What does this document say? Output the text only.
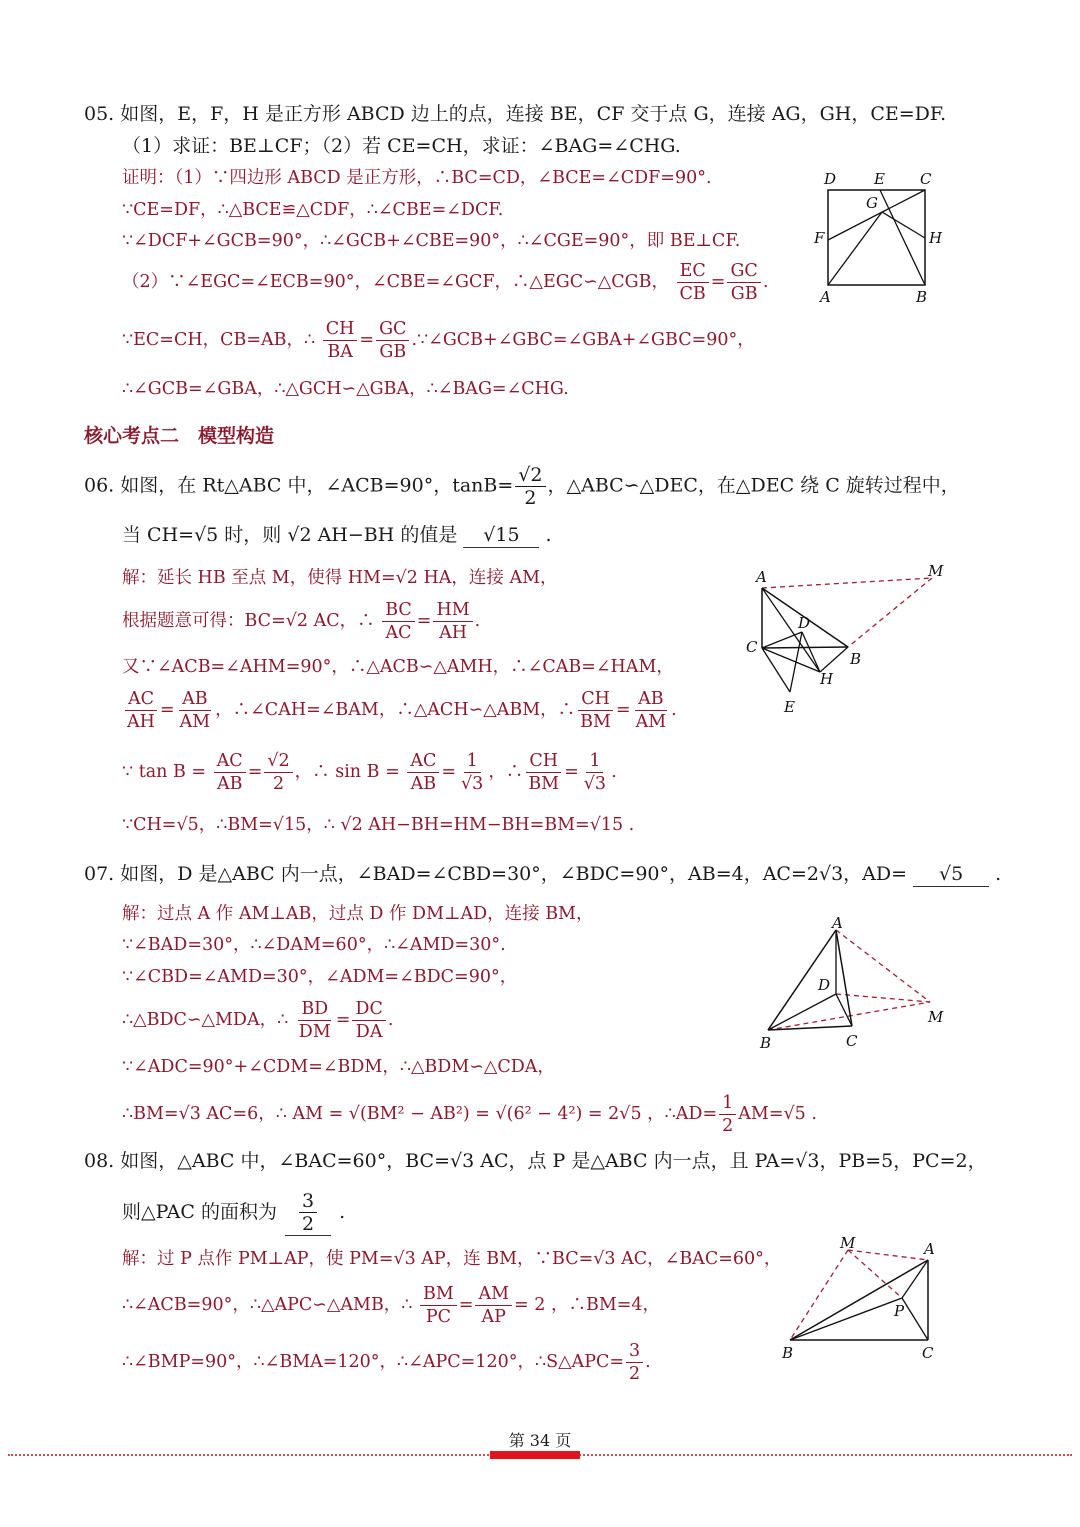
05. 如图，E，F，H 是正方形 ABCD 边上的点，连接 BE，CF 交于点 G，连接 AG，GH，CE=DF.
（1）求证：BE⊥CF；（2）若 CE=CH，求证：∠BAG=∠CHG.
证明：（1）∵四边形 ABCD 是正方形，∴BC=CD，∠BCE=∠CDF=90°.
∵CE=DF，∴△BCE≌△CDF，∴∠CBE=∠DCF.
∵∠DCF+∠GCB=90°，∴∠GCB+∠CBE=90°，∴∠CGE=90°，即 BE⊥CF.
（2）∵∠EGC=∠ECB=90°，∠CBE=∠GCF，∴△EGC∽△CGB， $\frac{EC}{CB} = \frac{GC}{GB}$ .
∵EC=CH，CB=AB，∴ $\frac{CH}{BA} = \frac{GC}{GB}$ .∵∠GCB+∠GBC=∠GBA+∠GBC=90°，
∴∠GCB=∠GBA，∴△GCH∽△GBA，∴∠BAG=∠CHG.
D	E C
G
F	H
A	B
核心考点二　模型构造
06. 如图，在 Rt△ABC 中，∠ACB=90°，$\tan B= \frac{√2}{2}$ ，△ABC∽△DEC，在△DEC 绕 C 旋转过程中，
当 CH=√5 时，则 √2 AH−BH 的值是 √15 .
解：延长 HB 至点 M，使得 HM=√2 HA，连接 AM，
根据题意可得：BC=√2 AC，∴ $\frac{BC}{AC} = \frac{HM}{AH}$ .
又∵∠ACB=∠AHM=90°，∴△ACB∽△AMH，∴∠CAB=∠HAM，
$\frac{AC}{AH} = \frac{AB}{AM}$ ，∴∠CAH=∠BAM，∴△ACH∽△ABM，∴ $\frac{CH}{BM} = \frac{AB}{AM}$ .
∵ $\tan B = \frac{AC}{AB} = \frac{√2}{2}$ ，∴ $\sin B = \frac{AC}{AB} = \frac{1}{√3}$ ，∴ $\frac{CH}{BM} = \frac{1}{√3}$ .
∵CH=√5，∴BM=√15，∴ √2 AH−BH=HM−BH=BM=√15 .
A	M
D
C
B
H
E
07. 如图，D 是△ABC 内一点，∠BAD=∠CBD=30°，∠BDC=90°，AB=4，AC=2√3，AD= √5 .
解：过点 A 作 AM⊥AB，过点 D 作 DM⊥AD，连接 BM，
∵∠BAD=30°，∴∠DAM=60°，∴∠AMD=30°.
∵∠CBD=∠AMD=30°，∠ADM=∠BDC=90°，
∴△BDC∽△MDA，∴ $\frac{BD}{DM} = \frac{DC}{DA}$ .
∵∠ADC=90°+∠CDM=∠BDM，∴△BDM∽△CDA，
∴BM=√3 AC=6，∴ AM = √(BM² − AB²) = √(6² − 4²) = 2√5 ，∴AD= $\frac{1}{2} AM=√5$ .
A
D
M
B	C
08. 如图，△ABC 中，∠BAC=60°，BC=√3 AC，点 P 是△ABC 内一点，且 PA=√3，PB=5，PC=2，
则△PAC 的面积为 $\frac{3}{2}$ .
解：过 P 点作 PM⊥AP，使 PM=√3 AP，连 BM，∵BC=√3 AC，∠BAC=60°，
∴∠ACB=90°，∴△APC∽△AMB，∴ $\frac{BM}{PC} = \frac{AM}{AP} = 2$ ，∴BM=4，
∴∠BMP=90°，∴∠BMA=120°，∴∠APC=120°，∴S△APC= $\frac{3}{2}$ .
M	A
P
B	C
第 34 页
